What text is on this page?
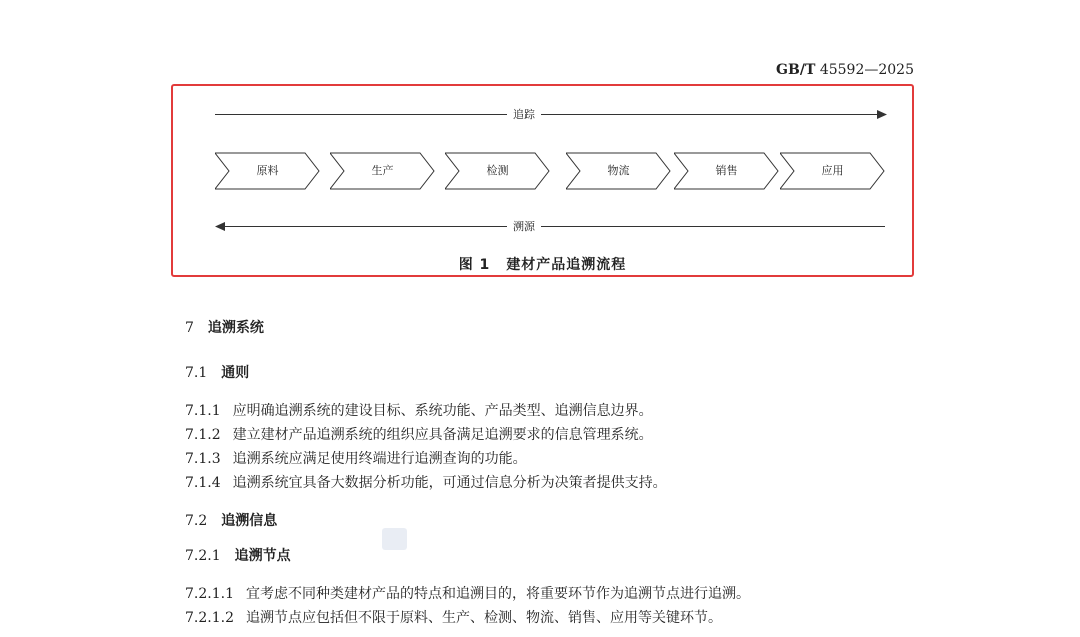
GB/T 45592—2025
追踪
原料	生产	检测	物流	销售	应用
溯源
图 1 建材产品追溯流程
7 追溯系统
7.1 通则
7.1.1 应明确追溯系统的建设目标、系统功能、产品类型、追溯信息边界。
7.1.2 建立建材产品追溯系统的组织应具备满足追溯要求的信息管理系统。
7.1.3 追溯系统应满足使用终端进行追溯查询的功能。
7.1.4 追溯系统宜具备大数据分析功能，可通过信息分析为决策者提供支持。
7.2 追溯信息
7.2.1 追溯节点
7.2.1.1 宜考虑不同种类建材产品的特点和追溯目的，将重要环节作为追溯节点进行追溯。
7.2.1.2 追溯节点应包括但不限于原料、生产、检测、物流、销售、应用等关键环节。
